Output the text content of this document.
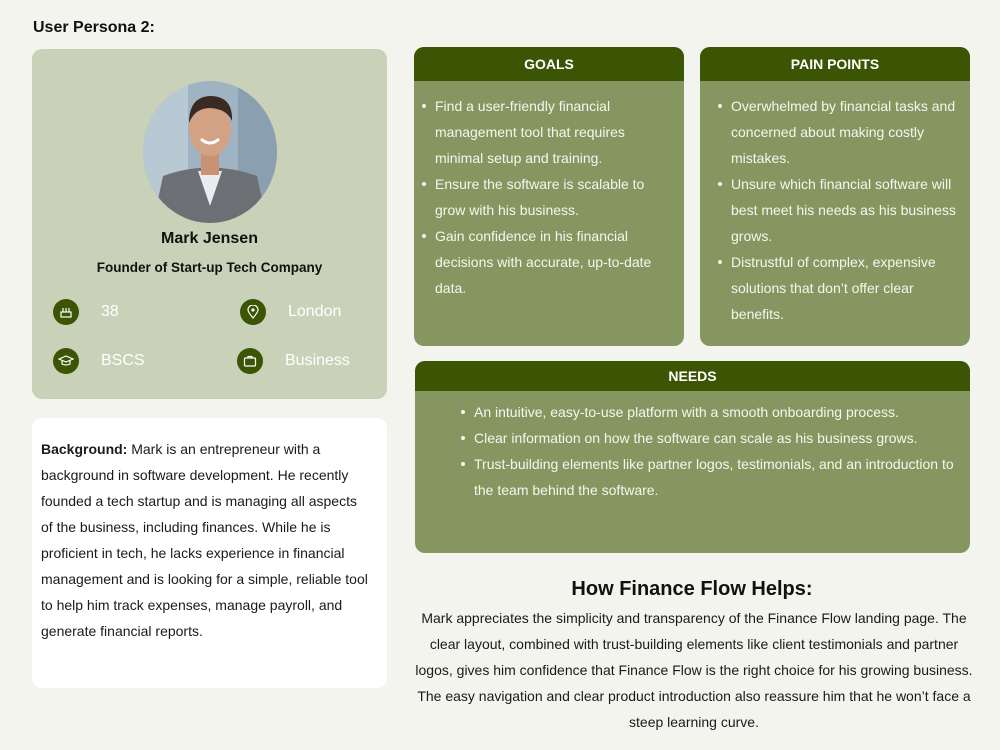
User Persona 2:
Mark Jensen
Founder of Start-up Tech Company
38	London
BSCS	Business
Background: Mark is an entrepreneur with a background in software development. He recently founded a tech startup and is managing all aspects of the business, including finances. While he is proficient in tech, he lacks experience in financial management and is looking for a simple, reliable tool to help him track expenses, manage payroll, and generate financial reports.
GOALS
Find a user-friendly financial management tool that requires minimal setup and training.
Ensure the software is scalable to grow with his business.
Gain confidence in his financial decisions with accurate, up-to-date data.
PAIN POINTS
Overwhelmed by financial tasks and concerned about making costly mistakes.
Unsure which financial software will best meet his needs as his business grows.
Distrustful of complex, expensive solutions that don’t offer clear benefits.
NEEDS
An intuitive, easy-to-use platform with a smooth onboarding process.
Clear information on how the software can scale as his business grows.
Trust-building elements like partner logos, testimonials, and an introduction to the team behind the software.
How Finance Flow Helps:
Mark appreciates the simplicity and transparency of the Finance Flow landing page. The clear layout, combined with trust-building elements like client testimonials and partner logos, gives him confidence that Finance Flow is the right choice for his growing business. The easy navigation and clear product introduction also reassure him that he won’t face a steep learning curve.
